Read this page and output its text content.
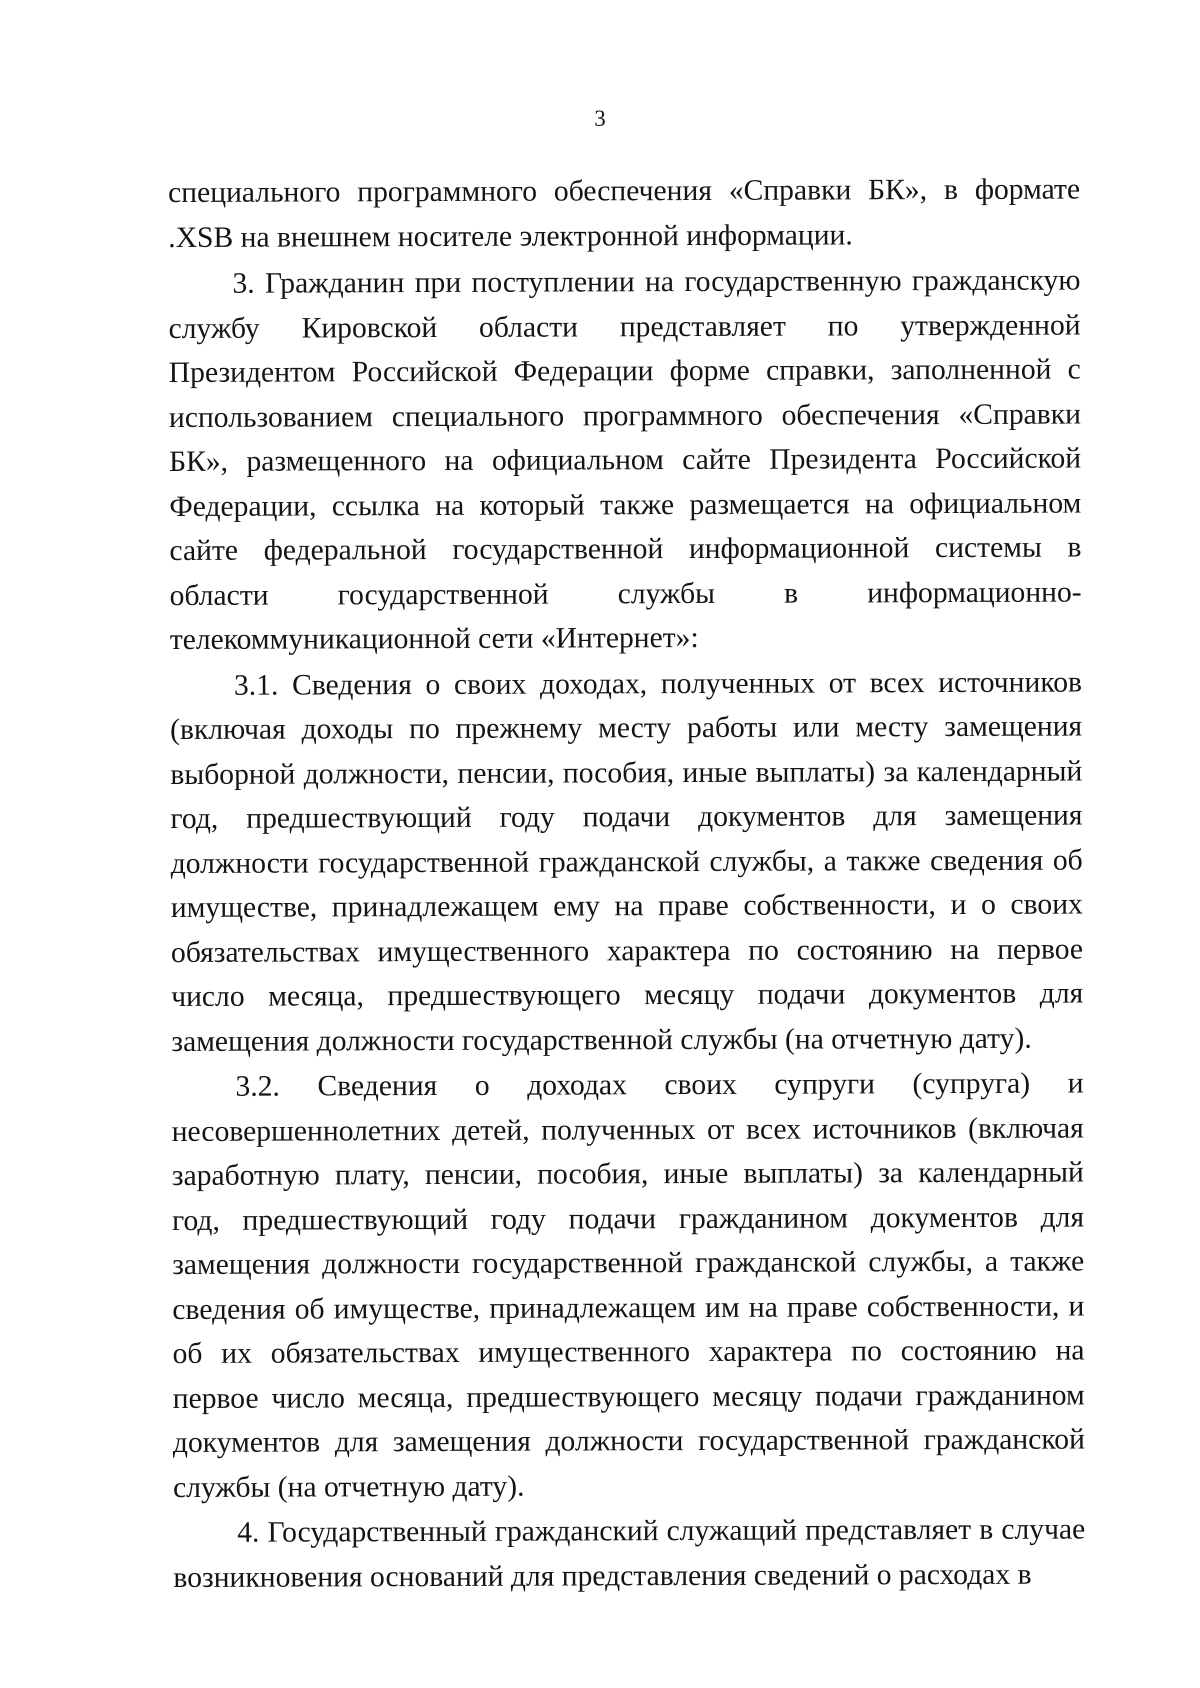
3

специального программного обеспечения «Справки БК», в формате .XSB на внешнем носителе электронной информации.

3. Гражданин при поступлении на государственную гражданскую службу Кировской области представляет по утвержденной Президентом Российской Федерации форме справки, заполненной с использованием специального программного обеспечения «Справки БК», размещенного на официальном сайте Президента Российской Федерации, ссылка на который также размещается на официальном сайте федеральной государственной информационной системы в области государственной службы в информационно-телекоммуникационной сети «Интернет»:

3.1. Сведения о своих доходах, полученных от всех источников (включая доходы по прежнему месту работы или месту замещения выборной должности, пенсии, пособия, иные выплаты) за календарный год, предшествующий году подачи документов для замещения должности государственной гражданской службы, а также сведения об имуществе, принадлежащем ему на праве собственности, и о своих обязательствах имущественного характера по состоянию на первое число месяца, предшествующего месяцу подачи документов для замещения должности государственной службы (на отчетную дату).

3.2. Сведения о доходах своих супруги (супруга) и несовершеннолетних детей, полученных от всех источников (включая заработную плату, пенсии, пособия, иные выплаты) за календарный год, предшествующий году подачи гражданином документов для замещения должности государственной гражданской службы, а также сведения об имуществе, принадлежащем им на праве собственности, и об их обязательствах имущественного характера по состоянию на первое число месяца, предшествующего месяцу подачи гражданином документов для замещения должности государственной гражданской службы (на отчетную дату).

4. Государственный гражданский служащий представляет в случае возникновения оснований для представления сведений о расходах в
